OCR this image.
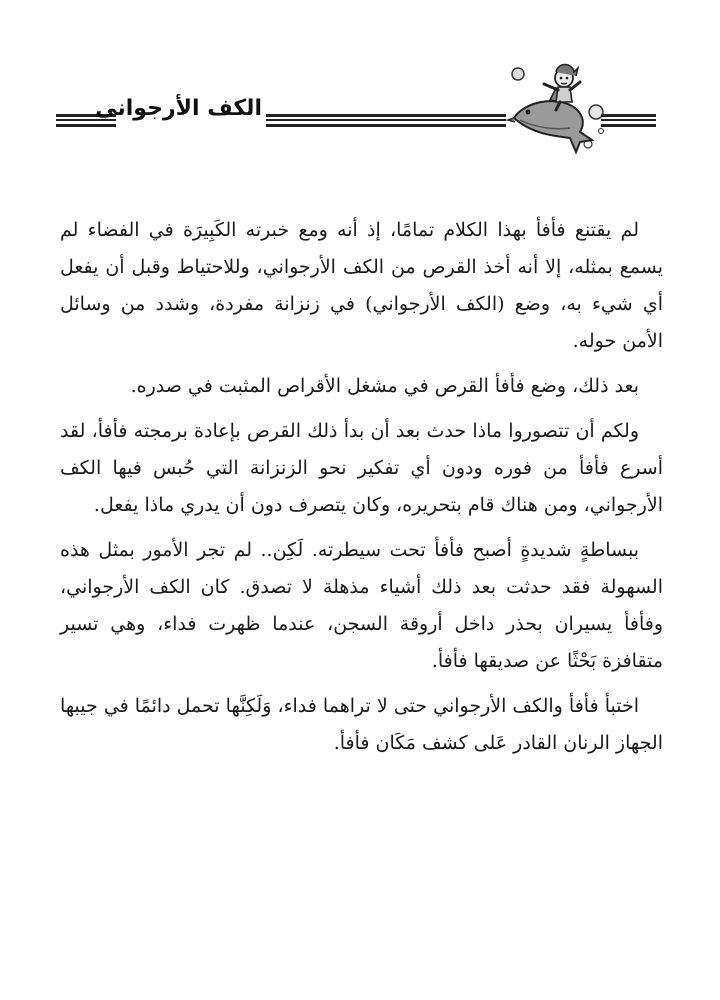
الكف الأرجواني

لم يقتنع فأفأ بهذا الكلام تمامًا، إذ أنه ومع خبرته الكَبِيرَة في الفضاء لم يسمع بمثله، إلا أنه أخذ القرص من الكف الأرجواني، وللاحتياط وقبل أن يفعل أي شيء به، وضع (الكف الأرجواني) في زنزانة مفردة، وشدد من وسائل الأمن حوله.

بعد ذلك، وضع فأفأ القرص في مشغل الأقراص المثبت في صدره.

ولكم أن تتصوروا ماذا حدث بعد أن بدأ ذلك القرص بإعادة برمجته فأفأ، لقد أسرع فأفأ من فوره ودون أي تفكير نحو الزنزانة التي حُبس فيها الكف الأرجواني، ومن هناك قام بتحريره، وكان يتصرف دون أن يدري ماذا يفعل.

ببساطةٍ شديدةٍ أصبح فأفأ تحت سيطرته. لَكِن.. لم تجر الأمور بمثل هذه السهولة فقد حدثت بعد ذلك أشياء مذهلة لا تصدق. كان الكف الأرجواني، وفأفأ يسيران بحذر داخل أروقة السجن، عندما ظهرت فداء، وهي تسير متقافزة بَحْثًا عن صديقها فأفأ.

اختبأ فأفأ والكف الأرجواني حتى لا تراهما فداء، وَلَكِنَّها تحمل دائمًا في جيبها الجهاز الرنان القادر عَلى كشف مَكَان فأفأ.
